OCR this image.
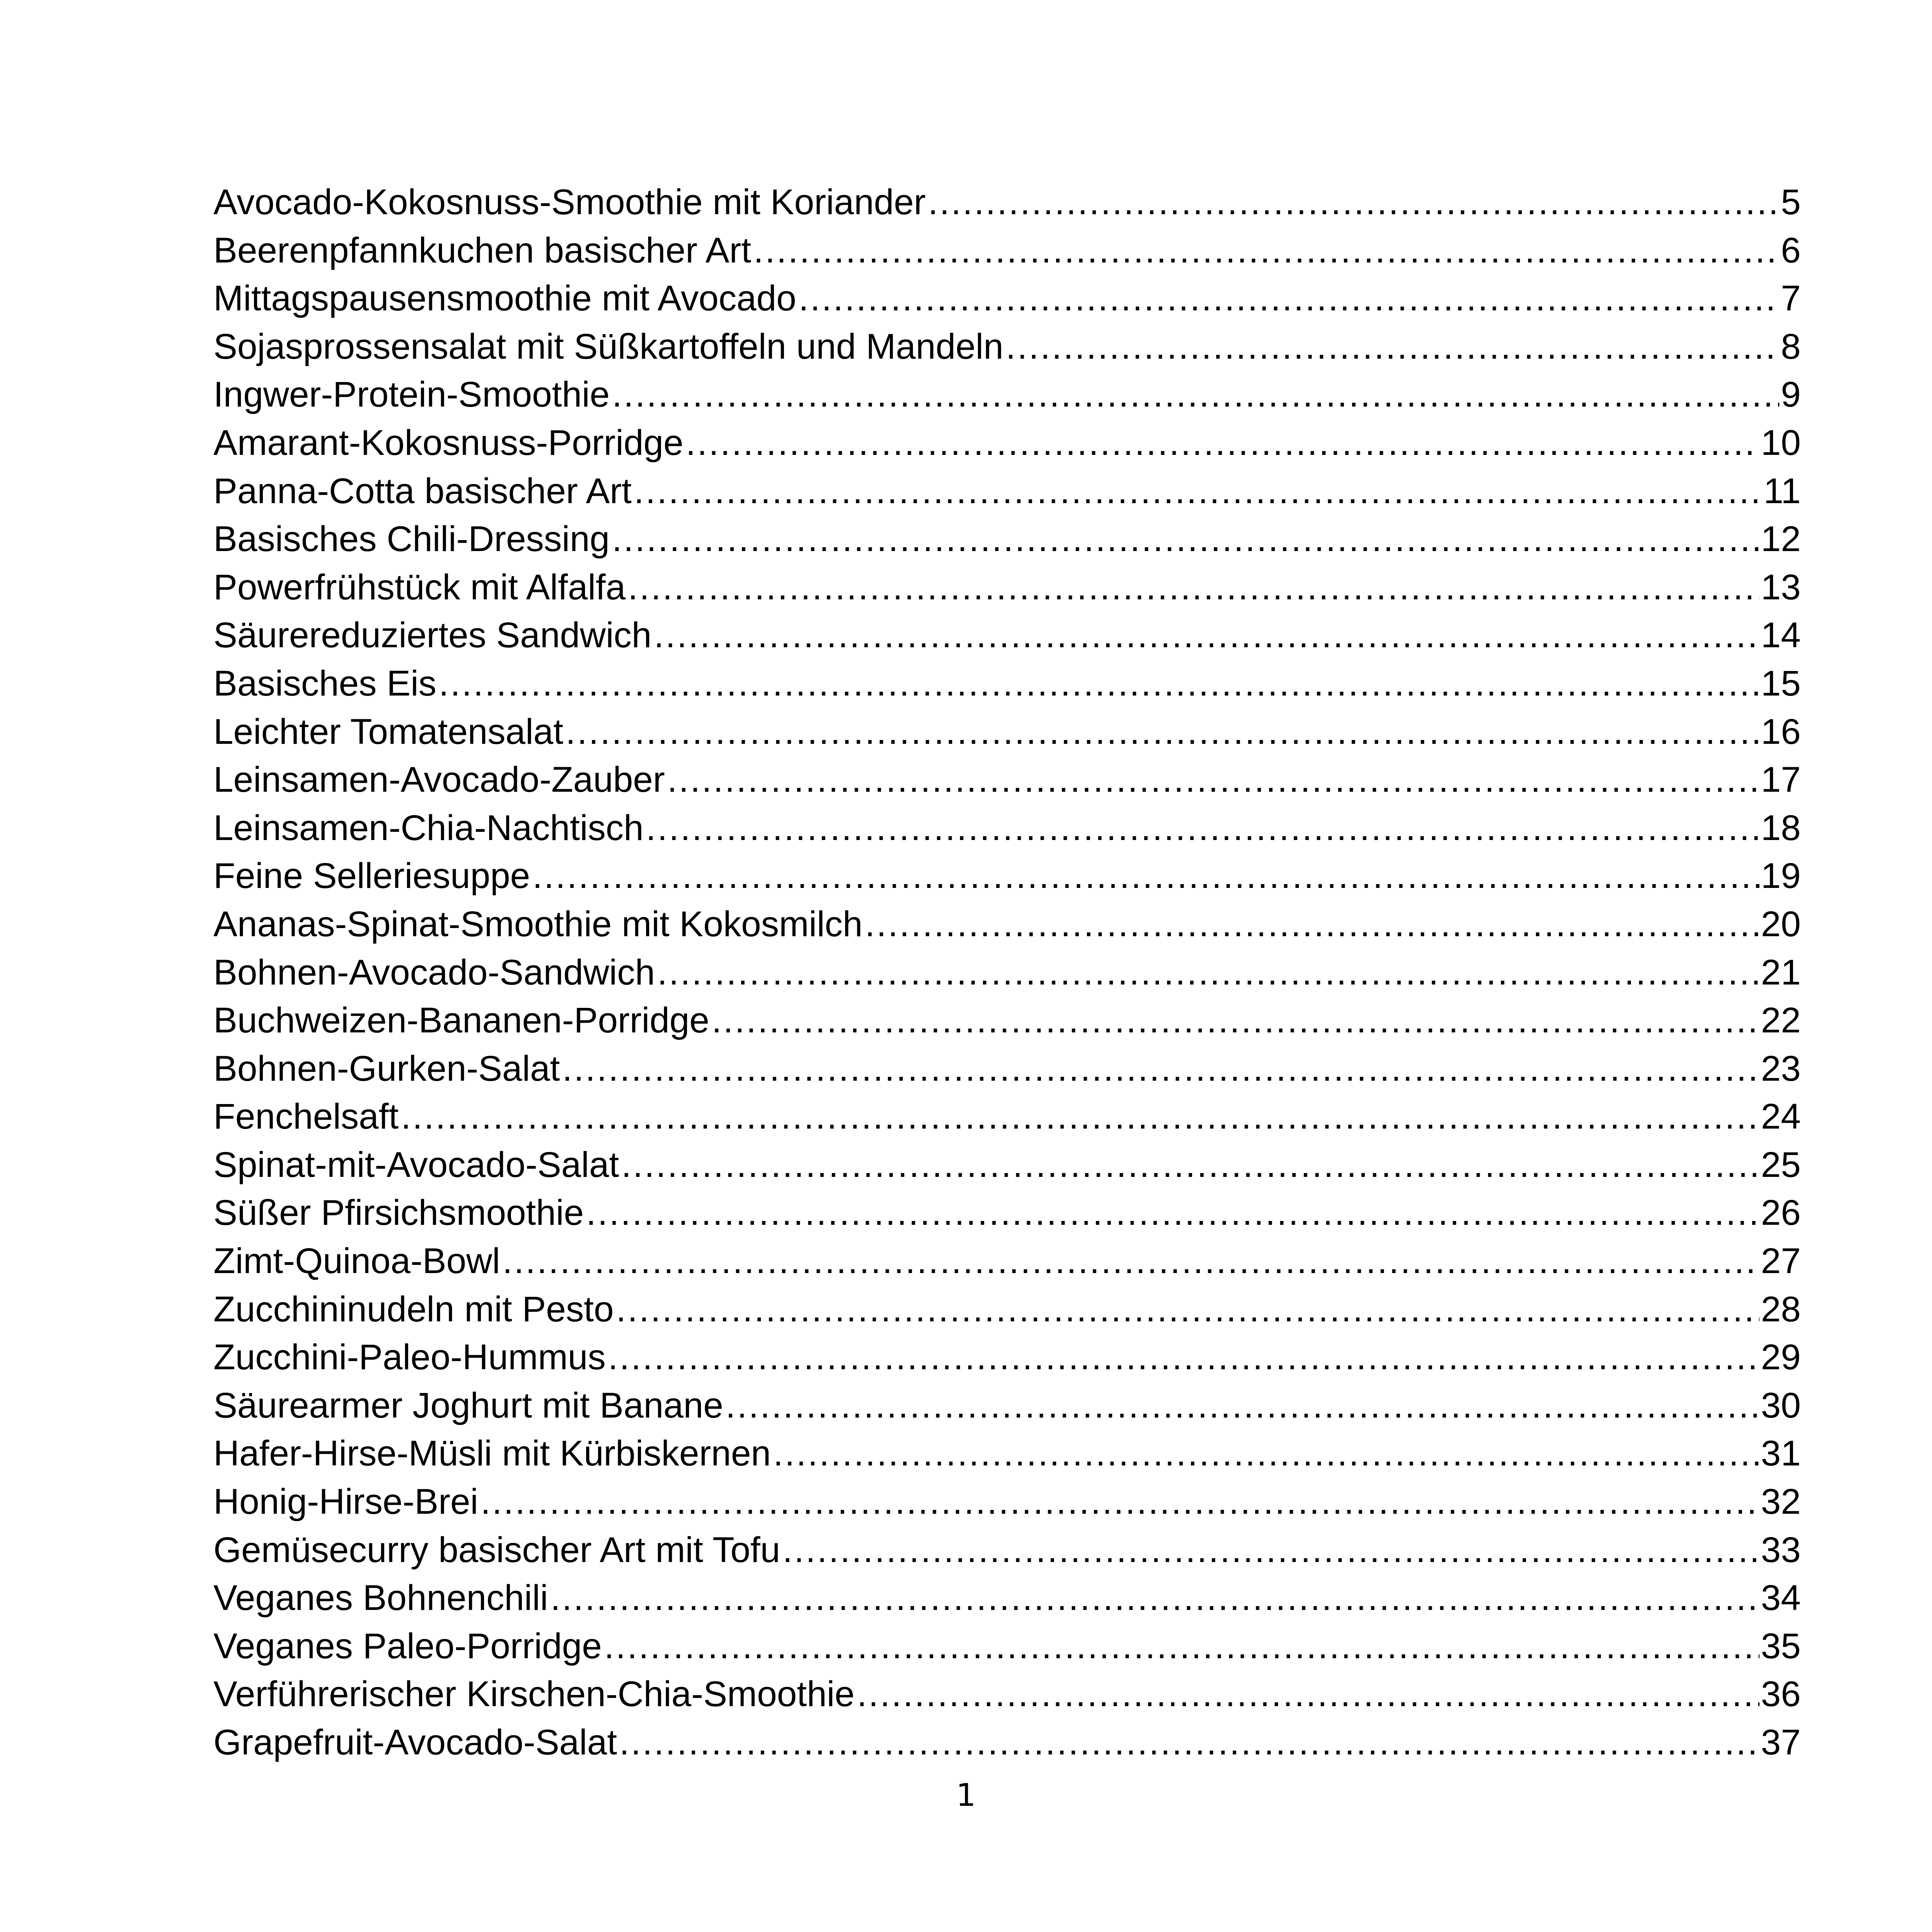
Avocado-Kokosnuss-Smoothie mit Koriander .....	5
Beerenpfannkuchen basischer Art .....	6
Mittagspausensmoothie mit Avocado .....	7
Sojasprossensalat mit Süßkartoffeln und Mandeln .....	8
Ingwer-Protein-Smoothie .....	9
Amarant-Kokosnuss-Porridge .....	10
Panna-Cotta basischer Art .....	11
Basisches Chili-Dressing .....	12
Powerfrühstück mit Alfalfa .....	13
Säurereduziertes Sandwich .....	14
Basisches Eis .....	15
Leichter Tomatensalat .....	16
Leinsamen-Avocado-Zauber .....	17
Leinsamen-Chia-Nachtisch .....	18
Feine Selleriesuppe .....	19
Ananas-Spinat-Smoothie mit Kokosmilch .....	20
Bohnen-Avocado-Sandwich .....	21
Buchweizen-Bananen-Porridge .....	22
Bohnen-Gurken-Salat .....	23
Fenchelsaft .....	24
Spinat-mit-Avocado-Salat .....	25
Süßer Pfirsichsmoothie .....	26
Zimt-Quinoa-Bowl .....	27
Zucchininudeln mit Pesto .....	28
Zucchini-Paleo-Hummus .....	29
Säurearmer Joghurt mit Banane .....	30
Hafer-Hirse-Müsli mit Kürbiskernen .....	31
Honig-Hirse-Brei .....	32
Gemüsecurry basischer Art mit Tofu .....	33
Veganes Bohnenchili .....	34
Veganes Paleo-Porridge .....	35
Verführerischer Kirschen-Chia-Smoothie .....	36
Grapefruit-Avocado-Salat .....	37
1
